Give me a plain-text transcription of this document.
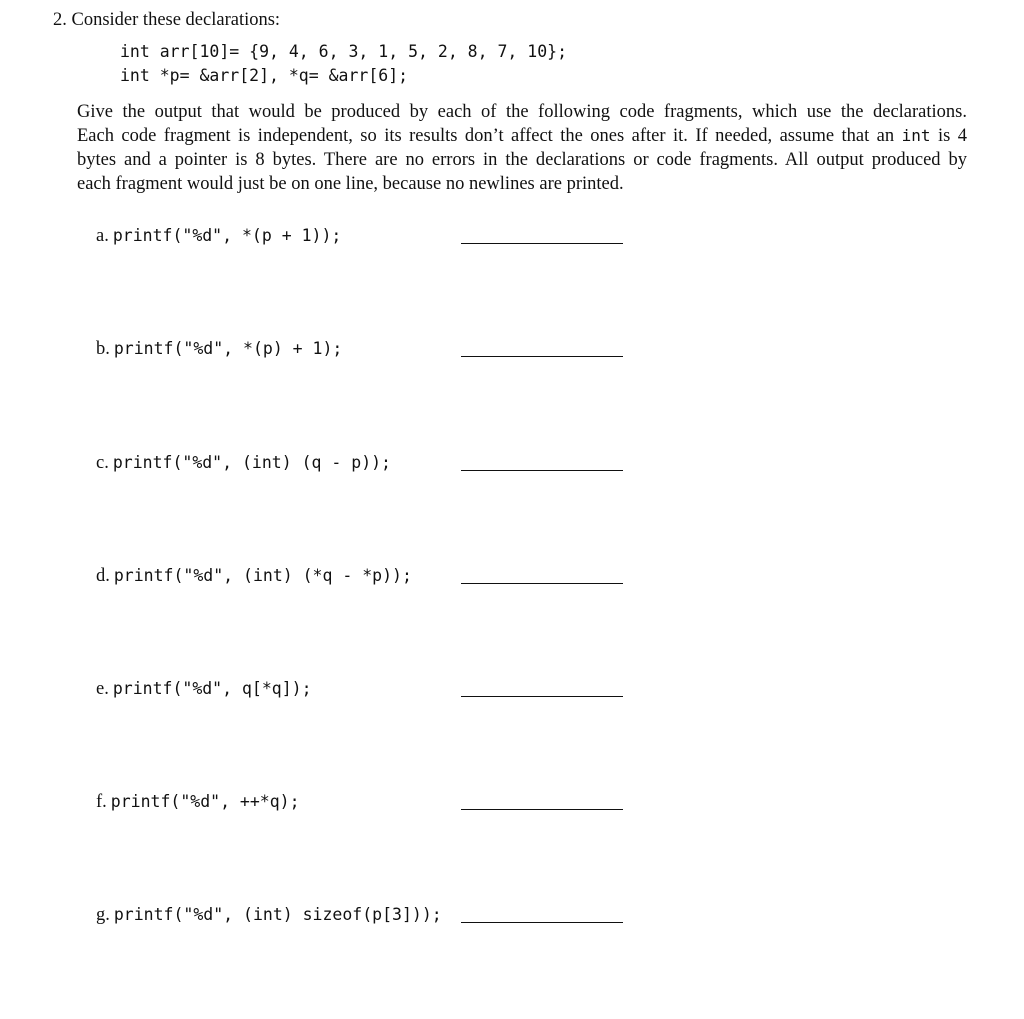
2. Consider these declarations:
int arr[10]= {9, 4, 6, 3, 1, 5, 2, 8, 7, 10};
int *p= &arr[2], *q= &arr[6];
Give the output that would be produced by each of the following code fragments, which use the declarations.
Each code fragment is independent, so its results don’t affect the ones after it. If needed, assume that an int is 4
bytes and a pointer is 8 bytes. There are no errors in the declarations or code fragments. All output produced by
each fragment would just be on one line, because no newlines are printed.
a. printf("%d", *(p + 1));
b. printf("%d", *(p) + 1);
c. printf("%d", (int) (q - p));
d. printf("%d", (int) (*q - *p));
e. printf("%d", q[*q]);
f. printf("%d", ++*q);
g. printf("%d", (int) sizeof(p[3]));
